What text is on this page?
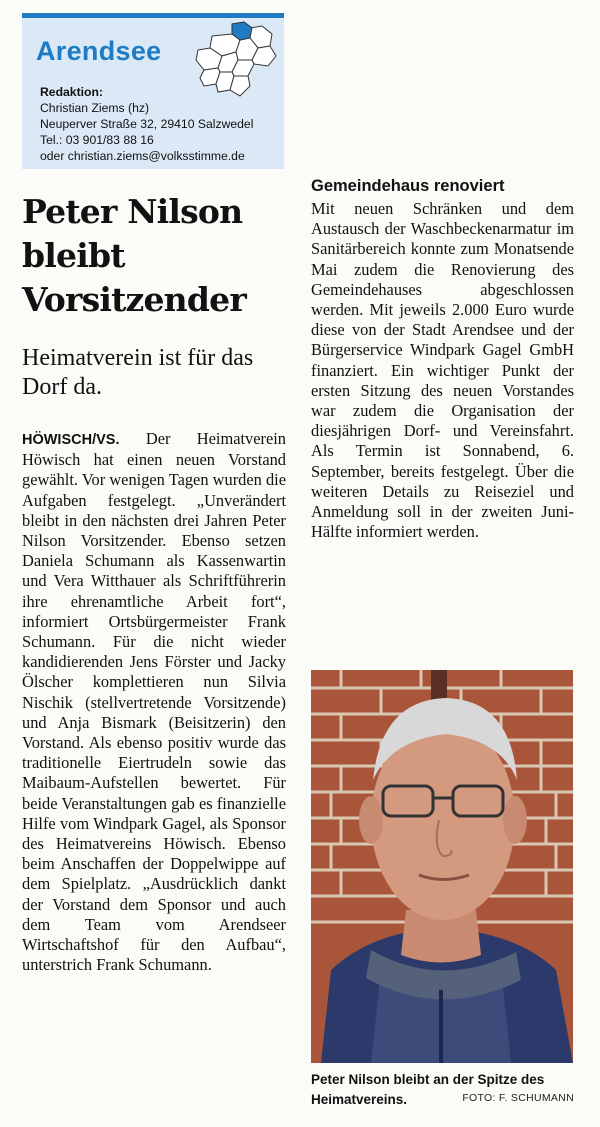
Arendsee
Redaktion:
Christian Ziems (hz)
Neuperver Straße 32, 29410 Salzwedel
Tel.: 03 901/83 88 16
oder christian.ziems@volksstimme.de
Peter Nilson bleibt Vorsitzender
Heimatverein ist für das Dorf da.

HÖWISCH/VS. Der Heimatverein Höwisch hat einen neuen Vorstand gewählt. Vor wenigen Tagen wurden die Aufgaben festgelegt. „Unverändert bleibt in den nächsten drei Jahren Peter Nilson Vorsitzender. Ebenso setzen Daniela Schumann als Kassenwartin und Vera Witthauer als Schriftführerin ihre ehrenamtliche Arbeit fort“, informiert Ortsbürgermeister Frank Schumann. Für die nicht wieder kandidierenden Jens Förster und Jacky Ölscher komplettieren nun Silvia Nischik (stellvertretende Vorsitzende) und Anja Bismark (Beisitzerin) den Vorstand. Als ebenso positiv wurde das traditionelle Eiertrudeln sowie das Maibaum-Aufstellen bewertet. Für beide Veranstaltungen gab es finanzielle Hilfe vom Windpark Gagel, als Sponsor des Heimatvereins Höwisch. Ebenso beim Anschaffen der Doppelwippe auf dem Spielplatz. „Ausdrücklich dankt der Vorstand dem Sponsor und auch dem Team vom Arendseer Wirtschaftshof für den Aufbau“, unterstrich Frank Schumann.

Gemeindehaus renoviert

Mit neuen Schränken und dem Austausch der Waschbeckenarmatur im Sanitärbereich konnte zum Monatsende Mai zudem die Renovierung des Gemeindehauses abgeschlossen werden. Mit jeweils 2.000 Euro wurde diese von der Stadt Arendsee und der Bürgerservice Windpark Gagel GmbH finanziert. Ein wichtiger Punkt der ersten Sitzung des neuen Vorstandes war zudem die Organisation der diesjährigen Dorf- und Vereinsfahrt. Als Termin ist Sonnabend, 6. September, bereits festgelegt. Über die weiteren Details zu Reiseziel und Anmeldung soll in der zweiten Juni-Hälfte informiert werden.

Peter Nilson bleibt an der Spitze des Heimatvereins.	FOTO: F. SCHUMANN
